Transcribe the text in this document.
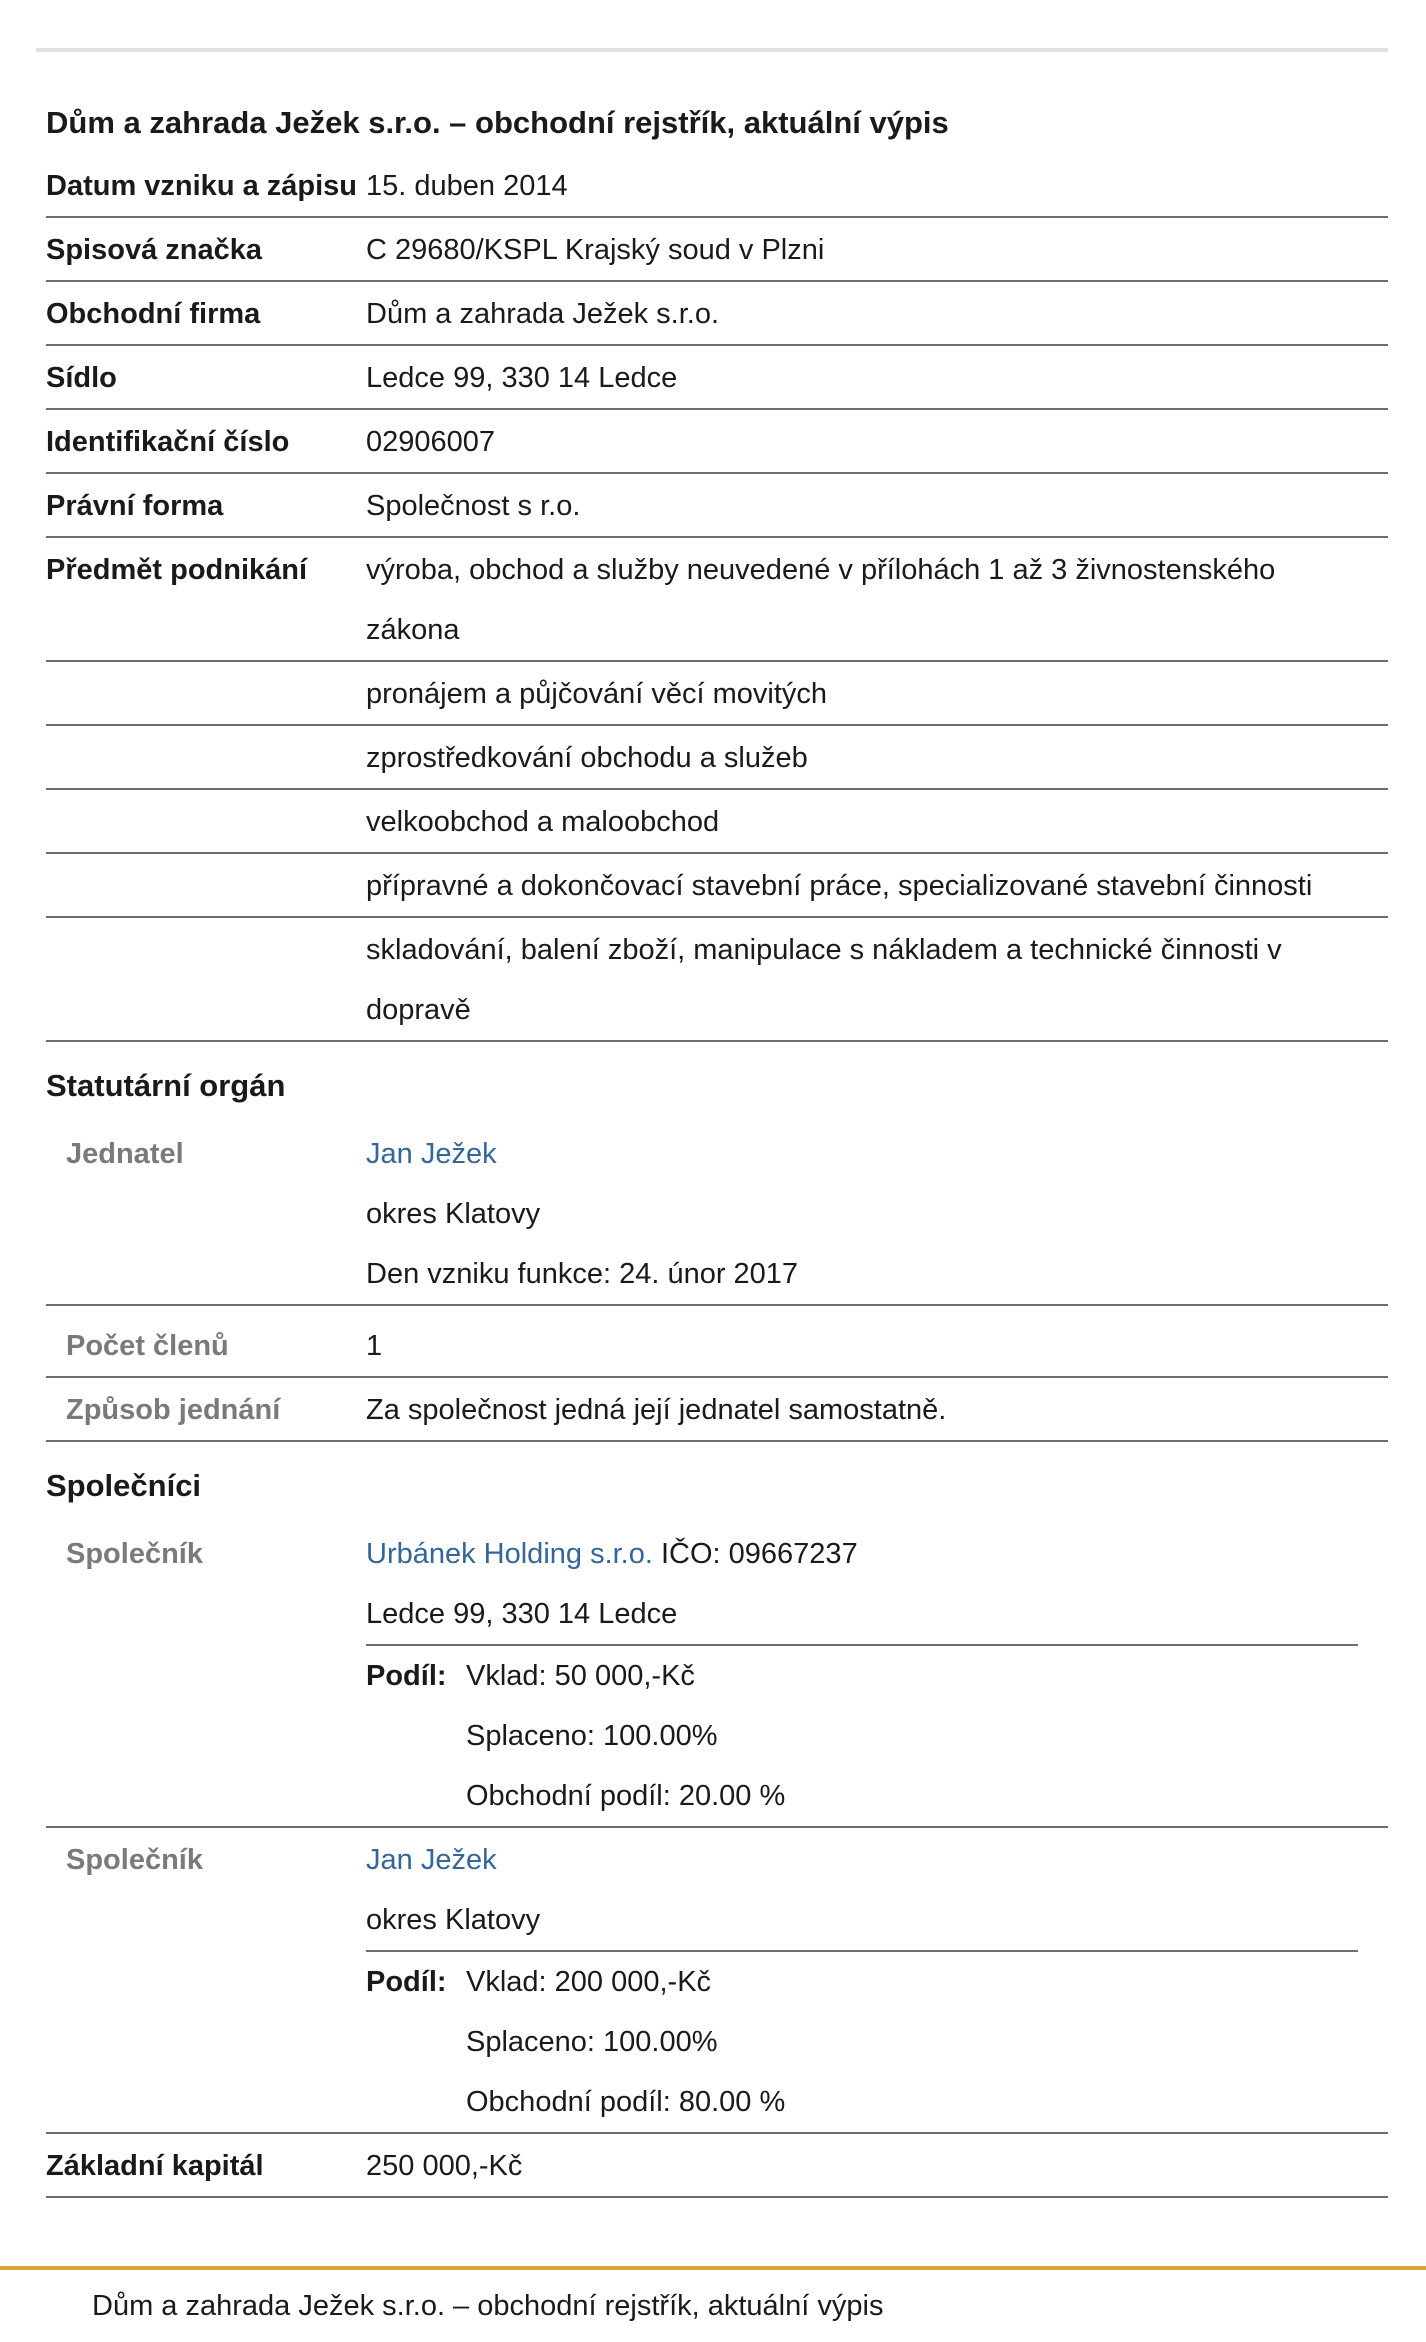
Dům a zahrada Ježek s.r.o. – obchodní rejstřík, aktuální výpis
Datum vzniku a zápisu 15. duben 2014
Spisová značka	C 29680/KSPL Krajský soud v Plzni
Obchodní firma	Dům a zahrada Ježek s.r.o.
Sídlo	Ledce 99, 330 14 Ledce
Identifikační číslo	02906007
Právní forma	Společnost s r.o.
Předmět podnikání	výroba, obchod a služby neuvedené v přílohách 1 až 3 živnostenského zákona
pronájem a půjčování věcí movitých
zprostředkování obchodu a služeb
velkoobchod a maloobchod
přípravné a dokončovací stavební práce, specializované stavební činnosti
skladování, balení zboží, manipulace s nákladem a technické činnosti v dopravě
Statutární orgán
Jednatel	Jan Ježek
okres Klatovy
Den vzniku funkce: 24. únor 2017
Počet členů	1
Způsob jednání	Za společnost jedná její jednatel samostatně.
Společníci
Společník	Urbánek Holding s.r.o. IČO: 09667237
Ledce 99, 330 14 Ledce
Podíl: Vklad: 50 000,-Kč
Splaceno: 100.00%
Obchodní podíl: 20.00 %
Společník	Jan Ježek
okres Klatovy
Podíl: Vklad: 200 000,-Kč
Splaceno: 100.00%
Obchodní podíl: 80.00 %
Základní kapitál	250 000,-Kč
Dům a zahrada Ježek s.r.o. – obchodní rejstřík, aktuální výpis
